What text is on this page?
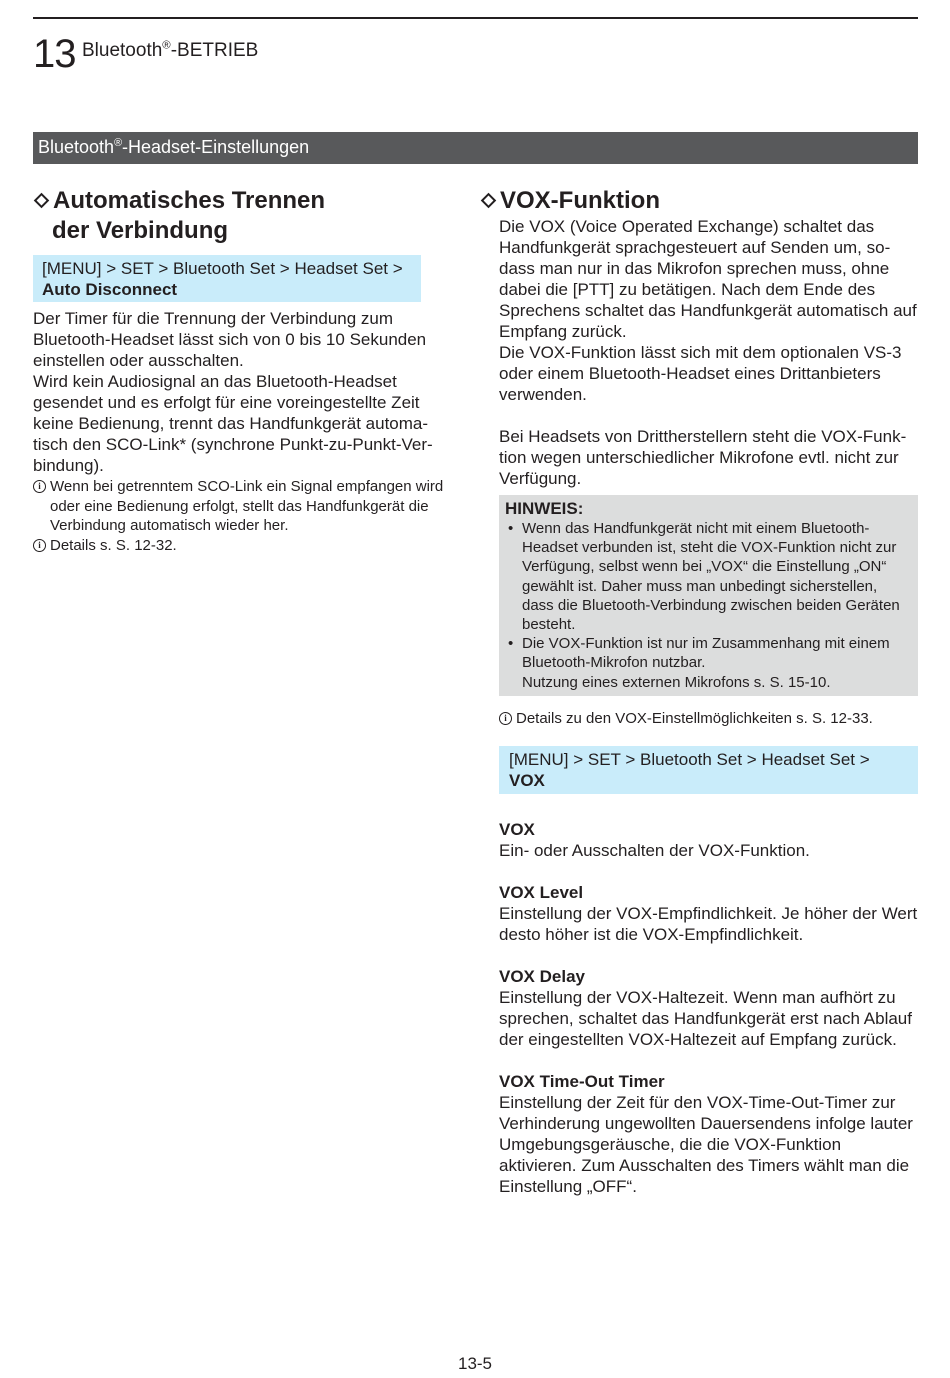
13 Bluetooth®-BETRIEB
Bluetooth®-Headset-Einstellungen
Automatisches Trennen
der Verbindung
[MENU] > SET > Bluetooth Set > Headset Set >
Auto Disconnect

Der Timer für die Trennung der Verbindung zum Bluetooth-Headset lässt sich von 0 bis 10 Sekunden einstellen oder ausschalten.

Wird kein Audiosignal an das Bluetooth-Headset gesendet und es erfolgt für eine voreingestellte Zeit keine Bedienung, trennt das Handfunkgerät automatisch den SCO-Link* (synchrone Punkt-zu-Punkt-Verbindung).

i Wenn bei getrenntem SCO-Link ein Signal empfangen wird oder eine Bedienung erfolgt, stellt das Handfunkgerät die Verbindung automatisch wieder her.
i Details s. S. 12-32.
VOX-Funktion

Die VOX (Voice Operated Exchange) schaltet das Handfunkgerät sprachgesteuert auf Senden um, sodass man nur in das Mikrofon sprechen muss, ohne dabei die [PTT] zu betätigen. Nach dem Ende des Sprechens schaltet das Handfunkgerät automatisch auf Empfang zurück.

Die VOX-Funktion lässt sich mit dem optionalen VS-3 oder einem Bluetooth-Headset eines Drittanbieters verwenden.

Bei Headsets von Drittherstellern steht die VOX-Funktion wegen unterschiedlicher Mikrofone evtl. nicht zur Verfügung.

HINWEIS:
• Wenn das Handfunkgerät nicht mit einem Bluetooth-Headset verbunden ist, steht die VOX-Funktion nicht zur Verfügung, selbst wenn bei „VOX“ die Einstellung „ON“ gewählt ist. Daher muss man unbedingt sicherstellen, dass die Bluetooth-Verbindung zwischen beiden Geräten besteht.
• Die VOX-Funktion ist nur im Zusammenhang mit einem Bluetooth-Mikrofon nutzbar.
Nutzung eines externen Mikrofons s. S. 15-10.
i Details zu den VOX-Einstellmöglichkeiten s. S. 12-33.
[MENU] > SET > Bluetooth Set > Headset Set > VOX
VOX

Ein- oder Ausschalten der VOX-Funktion.

VOX Level

Einstellung der VOX-Empfindlichkeit. Je höher der Wert desto höher ist die VOX-Empfindlichkeit.

VOX Delay

Einstellung der VOX-Haltezeit. Wenn man aufhört zu sprechen, schaltet das Handfunkgerät erst nach Ablauf der eingestellten VOX-Haltezeit auf Empfang zurück.

VOX Time-Out Timer

Einstellung der Zeit für den VOX-Time-Out-Timer zur Verhinderung ungewollten Dauersendens infolge lauter Umgebungsgeräusche, die die VOX-Funktion aktivieren. Zum Ausschalten des Timers wählt man die Einstellung „OFF“.

13-5
